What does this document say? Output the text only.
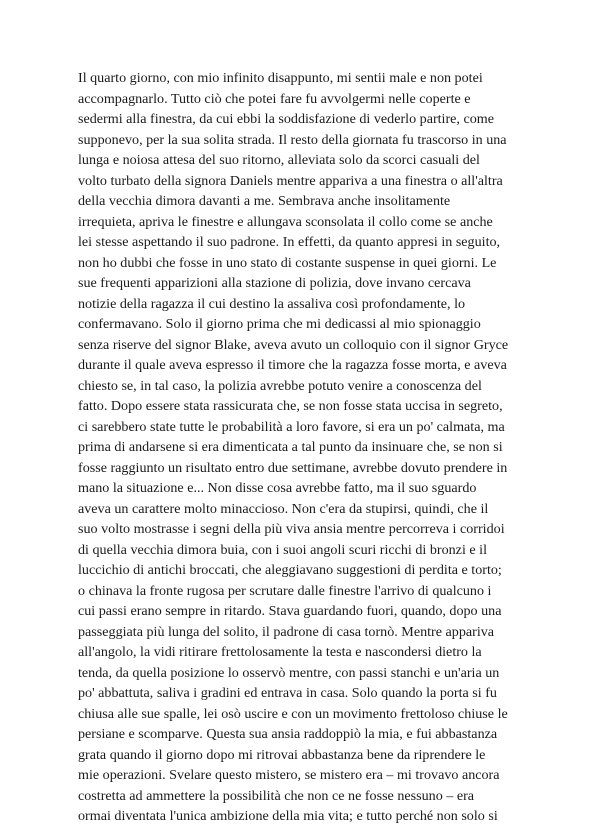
Il quarto giorno, con mio infinito disappunto, mi sentii male e non potei
accompagnarlo. Tutto ciò che potei fare fu avvolgermi nelle coperte e
sedermi alla finestra, da cui ebbi la soddisfazione di vederlo partire, come
supponevo, per la sua solita strada. Il resto della giornata fu trascorso in una
lunga e noiosa attesa del suo ritorno, alleviata solo da scorci casuali del
volto turbato della signora Daniels mentre appariva a una finestra o all'altra
della vecchia dimora davanti a me. Sembrava anche insolitamente
irrequieta, apriva le finestre e allungava sconsolata il collo come se anche
lei stesse aspettando il suo padrone. In effetti, da quanto appresi in seguito,
non ho dubbi che fosse in uno stato di costante suspense in quei giorni. Le
sue frequenti apparizioni alla stazione di polizia, dove invano cercava
notizie della ragazza il cui destino la assaliva così profondamente, lo
confermavano. Solo il giorno prima che mi dedicassi al mio spionaggio
senza riserve del signor Blake, aveva avuto un colloquio con il signor Gryce
durante il quale aveva espresso il timore che la ragazza fosse morta, e aveva
chiesto se, in tal caso, la polizia avrebbe potuto venire a conoscenza del
fatto. Dopo essere stata rassicurata che, se non fosse stata uccisa in segreto,
ci sarebbero state tutte le probabilità a loro favore, si era un po' calmata, ma
prima di andarsene si era dimenticata a tal punto da insinuare che, se non si
fosse raggiunto un risultato entro due settimane, avrebbe dovuto prendere in
mano la situazione e... Non disse cosa avrebbe fatto, ma il suo sguardo
aveva un carattere molto minaccioso. Non c'era da stupirsi, quindi, che il
suo volto mostrasse i segni della più viva ansia mentre percorreva i corridoi
di quella vecchia dimora buia, con i suoi angoli scuri ricchi di bronzi e il
luccichio di antichi broccati, che aleggiavano suggestioni di perdita e torto;
o chinava la fronte rugosa per scrutare dalle finestre l'arrivo di qualcuno i
cui passi erano sempre in ritardo. Stava guardando fuori, quando, dopo una
passeggiata più lunga del solito, il padrone di casa tornò. Mentre appariva
all'angolo, la vidi ritirare frettolosamente la testa e nascondersi dietro la
tenda, da quella posizione lo osservò mentre, con passi stanchi e un'aria un
po' abbattuta, saliva i gradini ed entrava in casa. Solo quando la porta si fu
chiusa alle sue spalle, lei osò uscire e con un movimento frettoloso chiuse le
persiane e scomparve. Questa sua ansia raddoppiò la mia, e fui abbastanza
grata quando il giorno dopo mi ritrovai abbastanza bene da riprendere le
mie operazioni. Svelare questo mistero, se mistero era – mi trovavo ancora
costretta ad ammettere la possibilità che non ce ne fosse nessuno – era
ormai diventata l'unica ambizione della mia vita; e tutto perché non solo si
